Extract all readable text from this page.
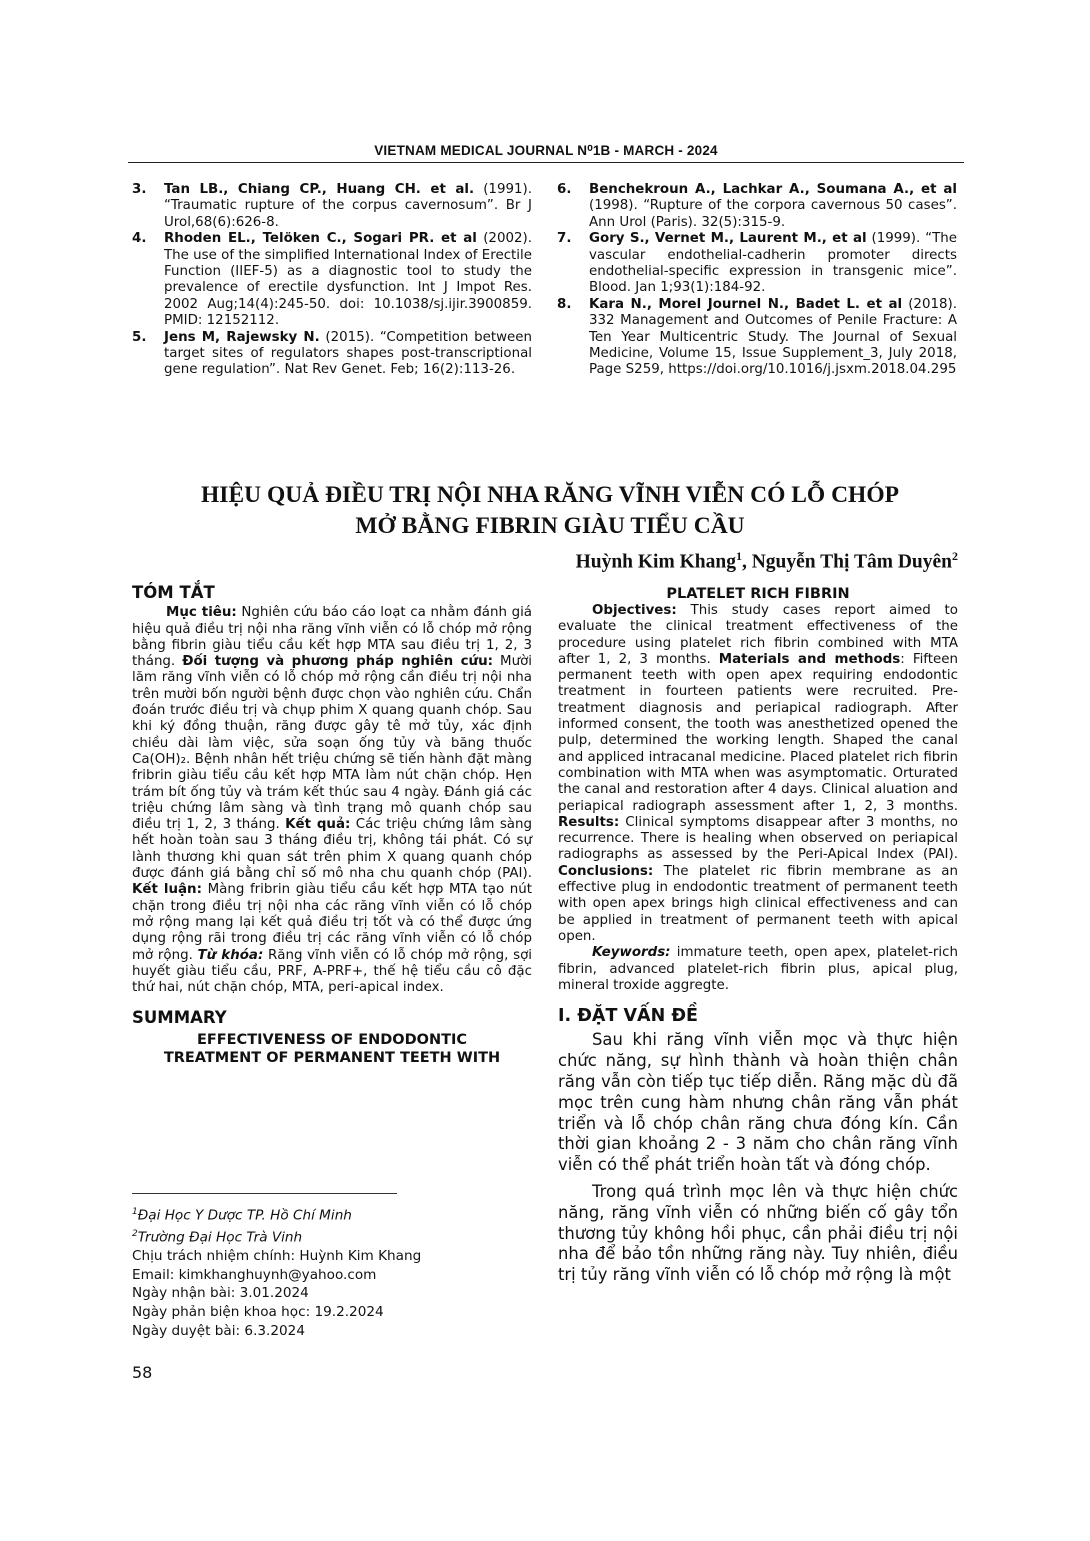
VIETNAM MEDICAL JOURNAL N⁰1B - MARCH - 2024
3.	Tan LB., Chiang CP., Huang CH. et al. (1991). “Traumatic rupture of the corpus cavernosum”. Br J Urol,68(6):626-8.
4.	Rhoden EL., Telöken C., Sogari PR. et al (2002). The use of the simplified International Index of Erectile Function (IIEF-5) as a diagnostic tool to study the prevalence of erectile dysfunction. Int J Impot Res. 2002 Aug;14(4):245-50. doi: 10.1038/sj.ijir.3900859. PMID: 12152112.
5.	Jens M, Rajewsky N. (2015). “Competition between target sites of regulators shapes post-transcriptional gene regulation”. Nat Rev Genet. Feb; 16(2):113-26.
6.	Benchekroun A., Lachkar A., Soumana A., et al (1998). “Rupture of the corpora cavernous 50 cases”. Ann Urol (Paris). 32(5):315-9.
7.	Gory S., Vernet M., Laurent M., et al (1999). “The vascular endothelial-cadherin promoter directs endothelial-specific expression in transgenic mice”. Blood. Jan 1;93(1):184-92.
8.	Kara N., Morel Journel N., Badet L. et al (2018). 332 Management and Outcomes of Penile Fracture: A Ten Year Multicentric Study. The Journal of Sexual Medicine, Volume 15, Issue Supplement_3, July 2018, Page S259, https://doi.org/10.1016/j.jsxm.2018.04.295
HIỆU QUẢ ĐIỀU TRỊ NỘI NHA RĂNG VĨNH VIỄN CÓ LỖ CHÓP
MỞ BẰNG FIBRIN GIÀU TIỂU CẦU
Huỳnh Kim Khang$^1$, Nguyễn Thị Tâm Duyên$^2$
TÓM TẮT

Mục tiêu: Nghiên cứu báo cáo loạt ca nhằm đánh giá hiệu quả điều trị nội nha răng vĩnh viễn có lỗ chóp mở rộng bằng fibrin giàu tiểu cầu kết hợp MTA sau điều trị 1, 2, 3 tháng. Đối tượng và phương pháp nghiên cứu: Mười lăm răng vĩnh viễn có lỗ chóp mở rộng cần điều trị nội nha trên mười bốn người bệnh được chọn vào nghiên cứu. Chẩn đoán trước điều trị và chụp phim X quang quanh chóp. Sau khi ký đồng thuận, răng được gây tê mở tủy, xác định chiều dài làm việc, sửa soạn ống tủy và băng thuốc Ca(OH)₂. Bệnh nhân hết triệu chứng sẽ tiến hành đặt màng fribrin giàu tiểu cầu kết hợp MTA làm nút chặn chóp. Hẹn trám bít ống tủy và trám kết thúc sau 4 ngày. Đánh giá các triệu chứng lâm sàng và tình trạng mô quanh chóp sau điều trị 1, 2, 3 tháng. Kết quả: Các triệu chứng lâm sàng hết hoàn toàn sau 3 tháng điều trị, không tái phát. Có sự lành thương khi quan sát trên phim X quang quanh chóp được đánh giá bằng chỉ số mô nha chu quanh chóp (PAI). Kết luận: Màng fribrin giàu tiểu cầu kết hợp MTA tạo nút chặn trong điều trị nội nha các răng vĩnh viễn có lỗ chóp mở rộng mang lại kết quả điều trị tốt và có thể được ứng dụng rộng rãi trong điều trị các răng vĩnh viễn có lỗ chóp mở rộng. Từ khóa: Răng vĩnh viễn có lỗ chóp mở rộng, sợi huyết giàu tiểu cầu, PRF, A-PRF+, thế hệ tiểu cầu cô đặc thứ hai, nút chặn chóp, MTA, peri-apical index.

SUMMARY
EFFECTIVENESS OF ENDODONTIC
TREATMENT OF PERMANENT TEETH WITH
PLATELET RICH FIBRIN

Objectives: This study cases report aimed to evaluate the clinical treatment effectiveness of the procedure using platelet rich fibrin combined with MTA after 1, 2, 3 months. Materials and methods: Fifteen permanent teeth with open apex requiring endodontic treatment in fourteen patients were recruited. Pre-treatment diagnosis and periapical radiograph. After informed consent, the tooth was anesthetized opened the pulp, determined the working length. Shaped the canal and appliced intracanal medicine. Placed platelet rich fibrin combination with MTA when was asymptomatic. Orturated the canal and restoration after 4 days. Clinical aluation and periapical radiograph assessment after 1, 2, 3 months. Results: Clinical symptoms disappear after 3 months, no recurrence. There is healing when observed on periapical radiographs as assessed by the Peri-Apical Index (PAI). Conclusions: The platelet ric fibrin membrane as an effective plug in endodontic treatment of permanent teeth with open apex brings high clinical effectiveness and can be applied in treatment of permanent teeth with apical open.

Keywords: immature teeth, open apex, platelet-rich fibrin, advanced platelet-rich fibrin plus, apical plug, mineral troxide aggregte.

I. ĐẶT VẤN ĐỀ

Sau khi răng vĩnh viễn mọc và thực hiện chức năng, sự hình thành và hoàn thiện chân răng vẫn còn tiếp tục tiếp diễn. Răng mặc dù đã mọc trên cung hàm nhưng chân răng vẫn phát triển và lỗ chóp chân răng chưa đóng kín. Cần thời gian khoảng 2 - 3 năm cho chân răng vĩnh viễn có thể phát triển hoàn tất và đóng chóp.

Trong quá trình mọc lên và thực hiện chức năng, răng vĩnh viễn có những biến cố gây tổn thương tủy không hồi phục, cần phải điều trị nội nha để bảo tồn những răng này. Tuy nhiên, điều trị tủy răng vĩnh viễn có lỗ chóp mở rộng là một

$^1$Đại Học Y Dược TP. Hồ Chí Minh
$^2$Trường Đại Học Trà Vinh
Chịu trách nhiệm chính: Huỳnh Kim Khang
Email: kimkhanghuynh@yahoo.com
Ngày nhận bài: 3.01.2024
Ngày phản biện khoa học: 19.2.2024
Ngày duyệt bài: 6.3.2024
58
